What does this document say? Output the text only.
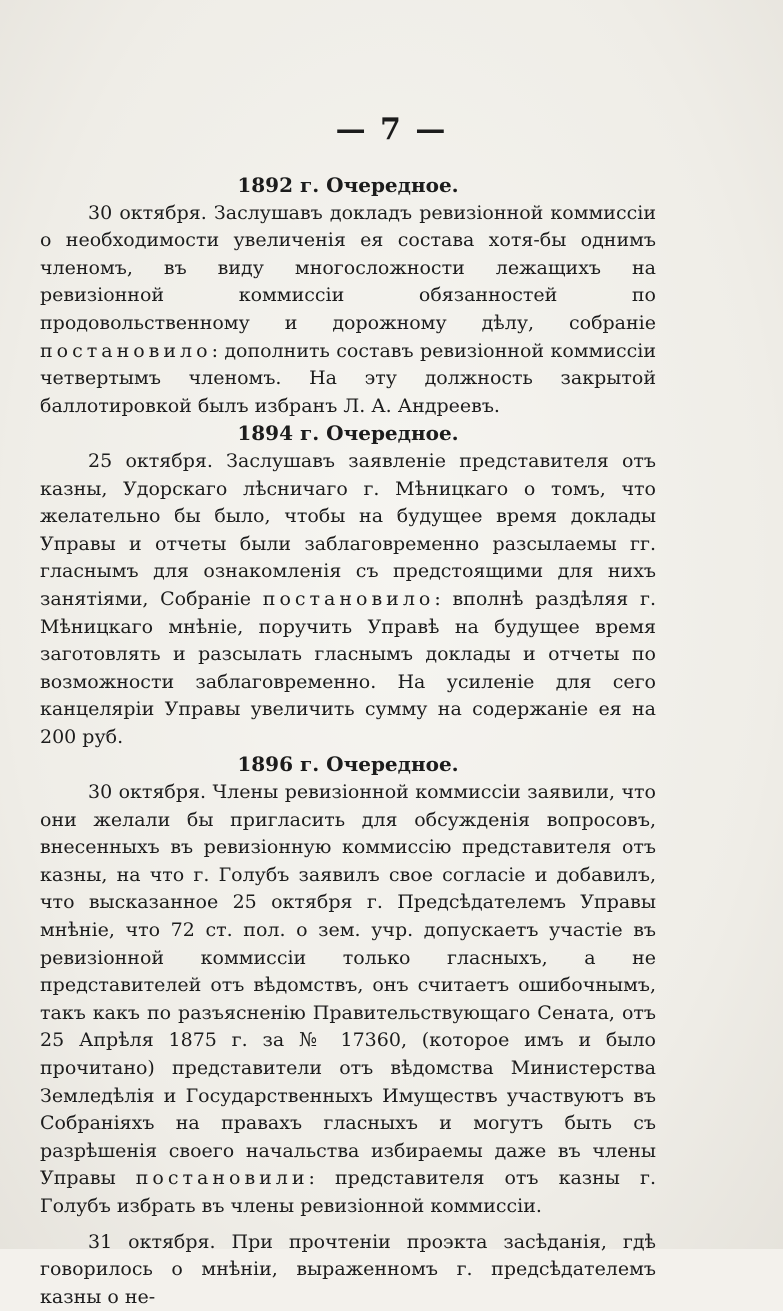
— 7 —
1892 г. Очередное.

30 октября. Заслушавъ докладъ ревизiонной коммиссiи о необходимости увеличенiя ея состава хотя-бы однимъ членомъ, въ виду многосложности лежащихъ на ревизiонной коммиссiи обязанностей по продовольственному и дорожному дѣлу, собранiе постановило: дополнить составъ ревизiонной коммиссiи четвертымъ членомъ. На эту должность закрытой баллотировкой былъ избранъ Л. А. Андреевъ.

1894 г. Очередное.

25 октября. Заслушавъ заявленiе представителя отъ казны, Удорскаго лѣсничаго г. Мѣницкаго о томъ, что желательно бы было, чтобы на будущее время доклады Управы и отчеты были заблаговременно разсылаемы гг. гласнымъ для ознакомленiя съ предстоящими для нихъ занятiями, Собранiе постановило: вполнѣ раздѣляя г. Мѣницкаго мнѣнiе, поручить Управѣ на будущее время заготовлять и разсылать гласнымъ доклады и отчеты по возможности заблаговременно. На усиленiе для сего канцеляріи Управы увеличить сумму на содержанiе ея на 200 руб.

1896 г. Очередное.

30 октября. Члены ревизiонной коммиссiи заявили, что они желали бы пригласить для обсужденiя вопросовъ, внесенныхъ въ ревизiонную коммиссiю представителя отъ казны, на что г. Голубъ заявилъ свое согласiе и добавилъ, что высказанное 25 октября г. Предсѣдателемъ Управы мнѣнiе, что 72 ст. пол. о зем. учр. допускаетъ участiе въ ревизiонной коммиссiи только гласныхъ, а не представителей отъ вѣдомствъ, онъ считаетъ ошибочнымъ, такъ какъ по разъясненiю Правительствующаго Сената, отъ 25 Апрѣля 1875 г. за № 17360, (которое имъ и было прочитано) представители отъ вѣдомства Министерства Земледѣлiя и Государственныхъ Имуществъ участвуютъ въ Собранiяхъ на правахъ гласныхъ и могутъ быть съ разрѣшенiя своего начальства избираемы даже въ члены Управы постановили: представителя отъ казны г. Голубъ избрать въ члены ревизiонной коммиссiи.

31 октября. При прочтенiи проэкта засѣданiя, гдѣ говорилось о мнѣнiи, выраженномъ г. предсѣдателемъ казны о не-
